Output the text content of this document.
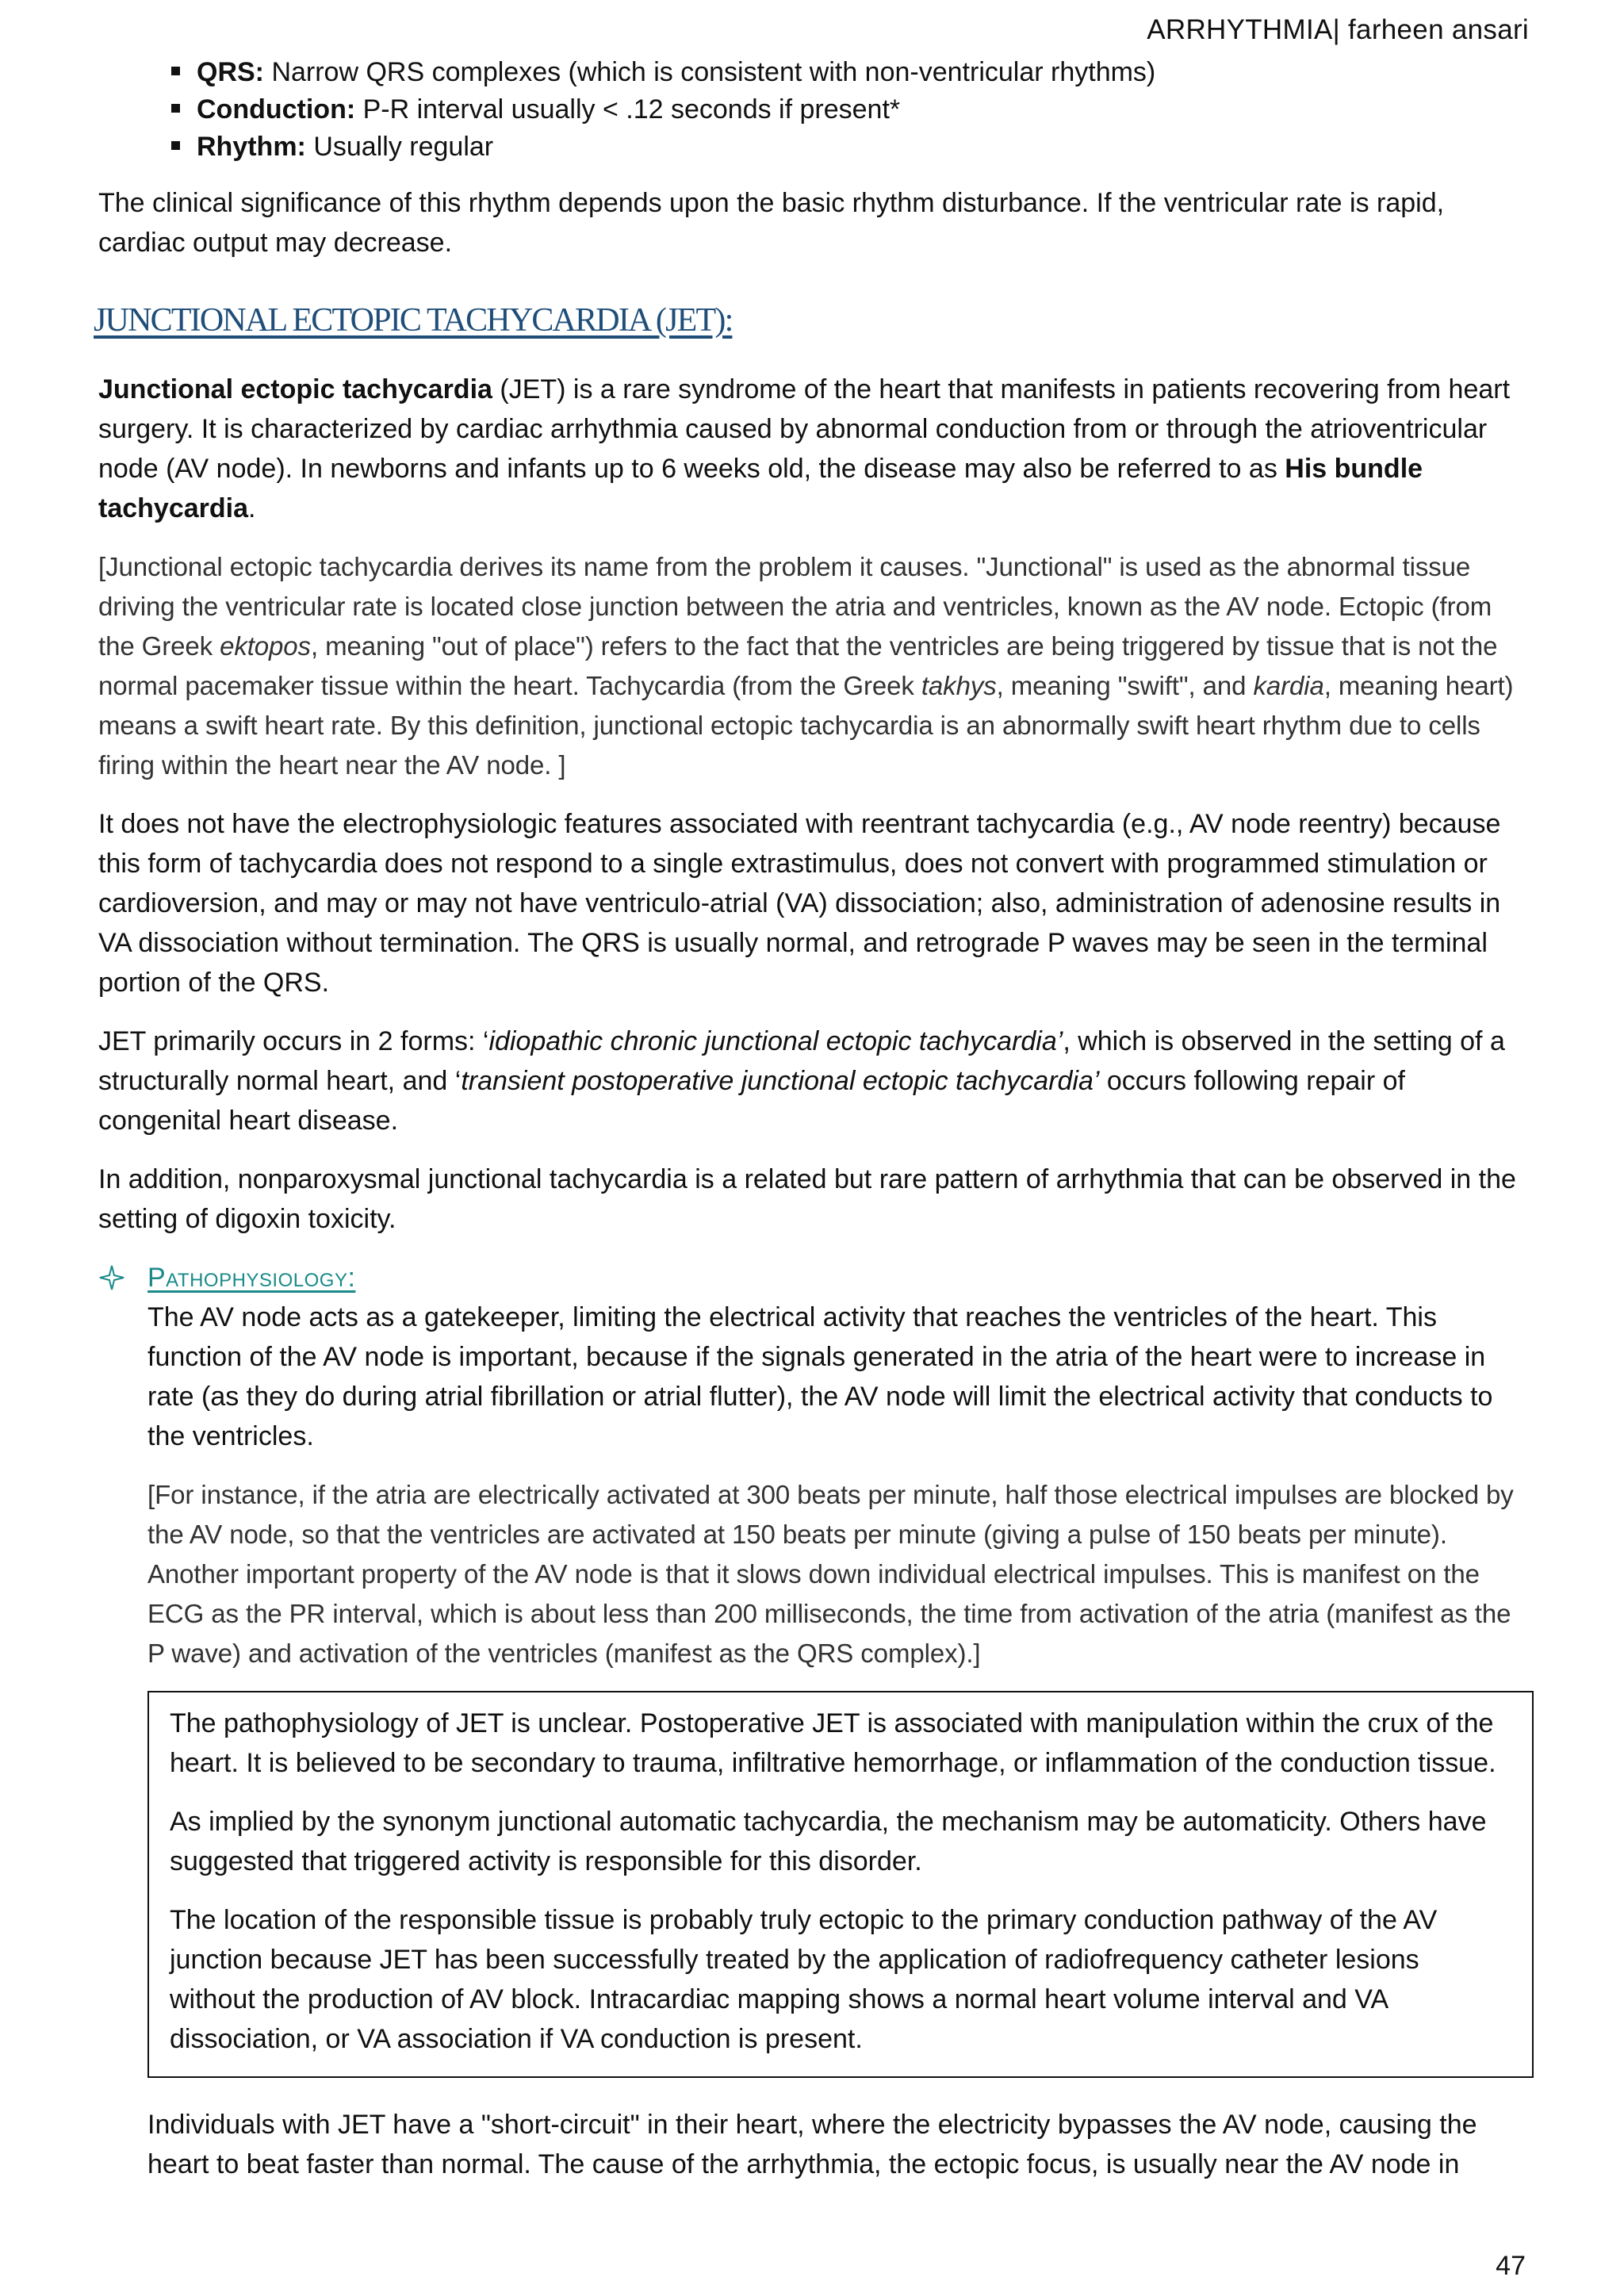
ARRHYTHMIA| farheen ansari
QRS: Narrow QRS complexes (which is consistent with non-ventricular rhythms)
Conduction: P-R interval usually < .12 seconds if present*
Rhythm: Usually regular

The clinical significance of this rhythm depends upon the basic rhythm disturbance. If the ventricular rate is rapid, cardiac output may decrease.

JUNCTIONAL ECTOPIC TACHYCARDIA (JET):

Junctional ectopic tachycardia (JET) is a rare syndrome of the heart that manifests in patients recovering from heart surgery. It is characterized by cardiac arrhythmia caused by abnormal conduction from or through the atrioventricular node (AV node). In newborns and infants up to 6 weeks old, the disease may also be referred to as His bundle tachycardia.

[Junctional ectopic tachycardia derives its name from the problem it causes. "Junctional" is used as the abnormal tissue driving the ventricular rate is located close junction between the atria and ventricles, known as the AV node. Ectopic (from the Greek ektopos, meaning "out of place") refers to the fact that the ventricles are being triggered by tissue that is not the normal pacemaker tissue within the heart. Tachycardia (from the Greek takhys, meaning "swift", and kardia, meaning heart) means a swift heart rate. By this definition, junctional ectopic tachycardia is an abnormally swift heart rhythm due to cells firing within the heart near the AV node. ]

It does not have the electrophysiologic features associated with reentrant tachycardia (e.g., AV node reentry) because this form of tachycardia does not respond to a single extrastimulus, does not convert with programmed stimulation or cardioversion, and may or may not have ventriculo-atrial (VA) dissociation; also, administration of adenosine results in VA dissociation without termination. The QRS is usually normal, and retrograde P waves may be seen in the terminal portion of the QRS.

JET primarily occurs in 2 forms: ‘idiopathic chronic junctional ectopic tachycardia’, which is observed in the setting of a structurally normal heart, and ‘transient postoperative junctional ectopic tachycardia’ occurs following repair of congenital heart disease.

In addition, nonparoxysmal junctional tachycardia is a related but rare pattern of arrhythmia that can be observed in the setting of digoxin toxicity.

Pathophysiology:

The AV node acts as a gatekeeper, limiting the electrical activity that reaches the ventricles of the heart. This function of the AV node is important, because if the signals generated in the atria of the heart were to increase in rate (as they do during atrial fibrillation or atrial flutter), the AV node will limit the electrical activity that conducts to the ventricles.

[For instance, if the atria are electrically activated at 300 beats per minute, half those electrical impulses are blocked by the AV node, so that the ventricles are activated at 150 beats per minute (giving a pulse of 150 beats per minute). Another important property of the AV node is that it slows down individual electrical impulses. This is manifest on the ECG as the PR interval, which is about less than 200 milliseconds, the time from activation of the atria (manifest as the P wave) and activation of the ventricles (manifest as the QRS complex).]

The pathophysiology of JET is unclear. Postoperative JET is associated with manipulation within the crux of the heart. It is believed to be secondary to trauma, infiltrative hemorrhage, or inflammation of the conduction tissue.

As implied by the synonym junctional automatic tachycardia, the mechanism may be automaticity. Others have suggested that triggered activity is responsible for this disorder.

The location of the responsible tissue is probably truly ectopic to the primary conduction pathway of the AV junction because JET has been successfully treated by the application of radiofrequency catheter lesions without the production of AV block. Intracardiac mapping shows a normal heart volume interval and VA dissociation, or VA association if VA conduction is present.

Individuals with JET have a "short-circuit" in their heart, where the electricity bypasses the AV node, causing the heart to beat faster than normal. The cause of the arrhythmia, the ectopic focus, is usually near the AV node in

47
